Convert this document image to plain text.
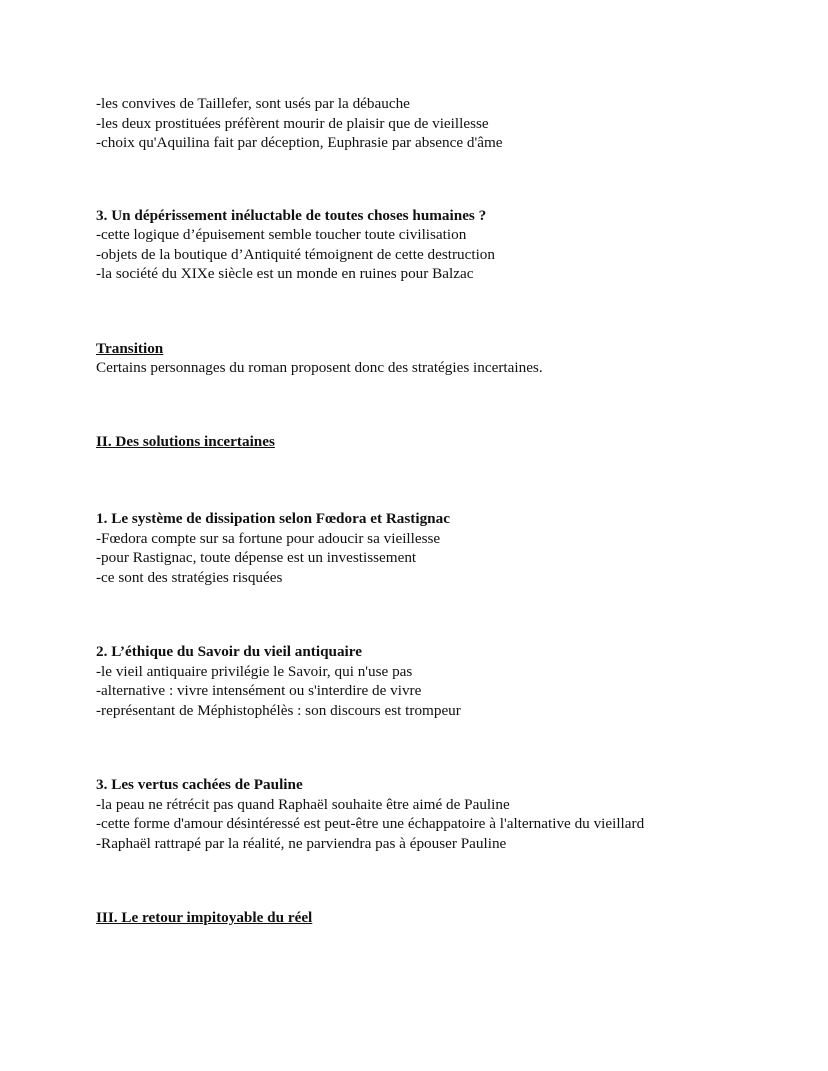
-les convives de Taillefer, sont usés par la débauche
-les deux prostituées préfèrent mourir de plaisir que de vieillesse
-choix qu'Aquilina fait par déception, Euphrasie par absence d'âme
3. Un dépérissement inéluctable de toutes choses humaines ?
-cette logique d’épuisement semble toucher toute civilisation
-objets de la boutique d’Antiquité témoignent de cette destruction
-la société du XIXe siècle est un monde en ruines pour Balzac
Transition
Certains personnages du roman proposent donc des stratégies incertaines.
II. Des solutions incertaines
1. Le système de dissipation selon Fœdora et Rastignac
-Fœdora compte sur sa fortune pour adoucir sa vieillesse
-pour Rastignac, toute dépense est un investissement
-ce sont des stratégies risquées
2. L’éthique du Savoir du vieil antiquaire
-le vieil antiquaire privilégie le Savoir, qui n'use pas
-alternative : vivre intensément ou s'interdire de vivre
-représentant de Méphistophélès : son discours est trompeur
3. Les vertus cachées de Pauline
-la peau ne rétrécit pas quand Raphaël souhaite être aimé de Pauline
-cette forme d'amour désintéressé est peut-être une échappatoire à l'alternative du vieillard
-Raphaël rattrapé par la réalité, ne parviendra pas à épouser Pauline
III. Le retour impitoyable du réel
